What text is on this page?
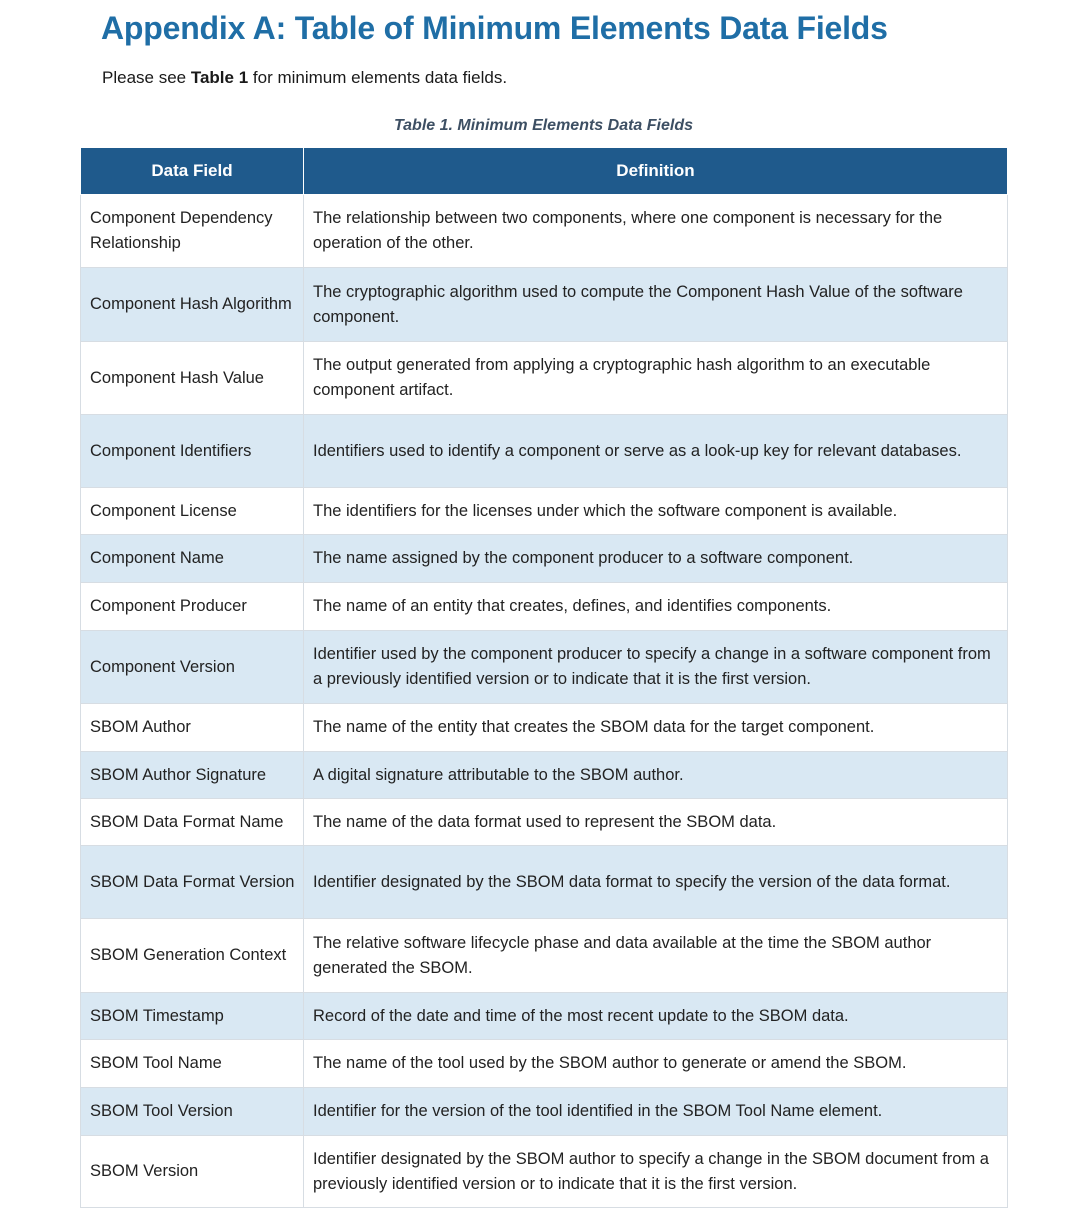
Appendix A: Table of Minimum Elements Data Fields

Please see Table 1 for minimum elements data fields.

Table 1. Minimum Elements Data Fields
Data Field	Definition
Component Dependency Relationship	The relationship between two components, where one component is necessary for the operation of the other.
Component Hash Algorithm	The cryptographic algorithm used to compute the Component Hash Value of the software component.
Component Hash Value	The output generated from applying a cryptographic hash algorithm to an executable component artifact.
Component Identifiers	Identifiers used to identify a component or serve as a look-up key for relevant databases.
Component License	The identifiers for the licenses under which the software component is available.
Component Name	The name assigned by the component producer to a software component.
Component Producer	The name of an entity that creates, defines, and identifies components.
Component Version	Identifier used by the component producer to specify a change in a software component from a previously identified version or to indicate that it is the first version.
SBOM Author	The name of the entity that creates the SBOM data for the target component.
SBOM Author Signature	A digital signature attributable to the SBOM author.
SBOM Data Format Name	The name of the data format used to represent the SBOM data.
SBOM Data Format Version	Identifier designated by the SBOM data format to specify the version of the data format.
SBOM Generation Context	The relative software lifecycle phase and data available at the time the SBOM author generated the SBOM.
SBOM Timestamp	Record of the date and time of the most recent update to the SBOM data.
SBOM Tool Name	The name of the tool used by the SBOM author to generate or amend the SBOM.
SBOM Tool Version	Identifier for the version of the tool identified in the SBOM Tool Name element.
SBOM Version	Identifier designated by the SBOM author to specify a change in the SBOM document from a previously identified version or to indicate that it is the first version.
